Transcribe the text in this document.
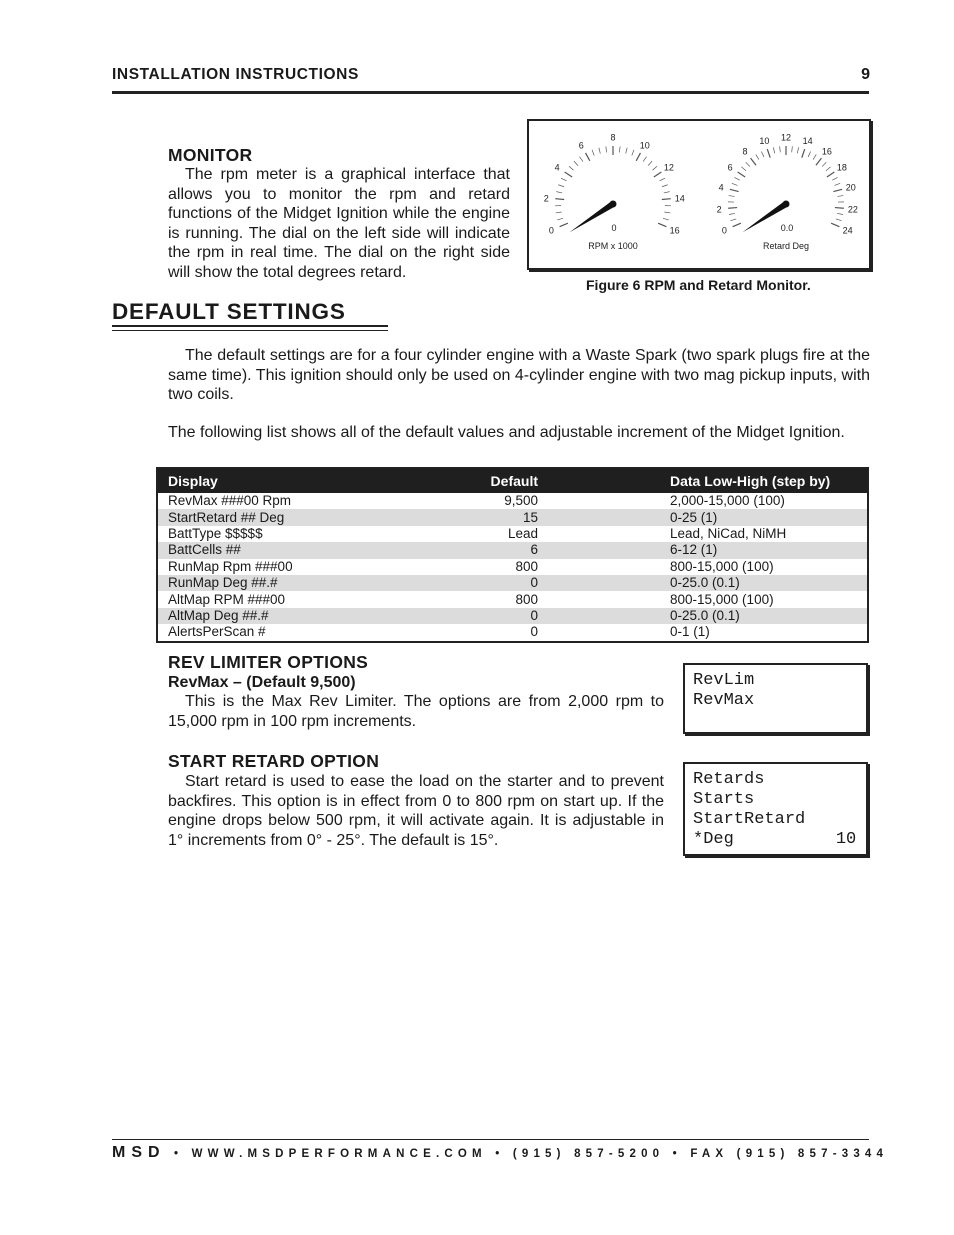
INSTALLATION INSTRUCTIONS	9
MONITOR
The rpm meter is a graphical interface that allows you to monitor the rpm and retard functions of the Midget Ignition while the engine is running. The dial on the left side will indicate the rpm in real time. The dial on the right side will show the total degrees retard.
0
2
4
6
8
10
12
14
16
0
RPM x 1000
0
2
4
6
8
10 12 14
16
18
20
22
24
0.0
Retard Deg
Figure 6 RPM and Retard Monitor.
DEFAULT SETTINGS
The default settings are for a four cylinder engine with a Waste Spark (two spark plugs fire at the same time). This ignition should only be used on 4-cylinder engine with two mag pickup inputs, with two coils.
The following list shows all of the default values and adjustable increment of the Midget Ignition.
Display	Default	Data Low-High (step by)
RevMax ###00 Rpm	9,500	2,000-15,000 (100)
StartRetard ## Deg	15	0-25 (1)
BattType $$$$$	Lead	Lead, NiCad, NiMH
BattCells ##	6	6-12 (1)
RunMap Rpm ###00	800	800-15,000 (100)
RunMap Deg ##.#	0	0-25.0 (0.1)
AltMap RPM ###00	800	800-15,000 (100)
AltMap Deg ##.#	0	0-25.0 (0.1)
AlertsPerScan #	0	0-1 (1)
REV LIMITER OPTIONS
RevMax – (Default 9,500)
This is the Max Rev Limiter. The options are from 2,000 rpm to 15,000 rpm in 100 rpm increments.
RevLim
RevMax
START RETARD OPTION
Start retard is used to ease the load on the starter and to prevent backfires. This option is in effect from 0 to 800 rpm on start up. If the engine drops below 500 rpm, it will activate again. It is adjustable in 1° increments from 0° - 25°. The default is 15°.
Retards
Starts
StartRetard
*Deg          10
MSD • WWW.MSDPERFORMANCE.COM • (915) 857-5200 • FAX (915) 857-3344
